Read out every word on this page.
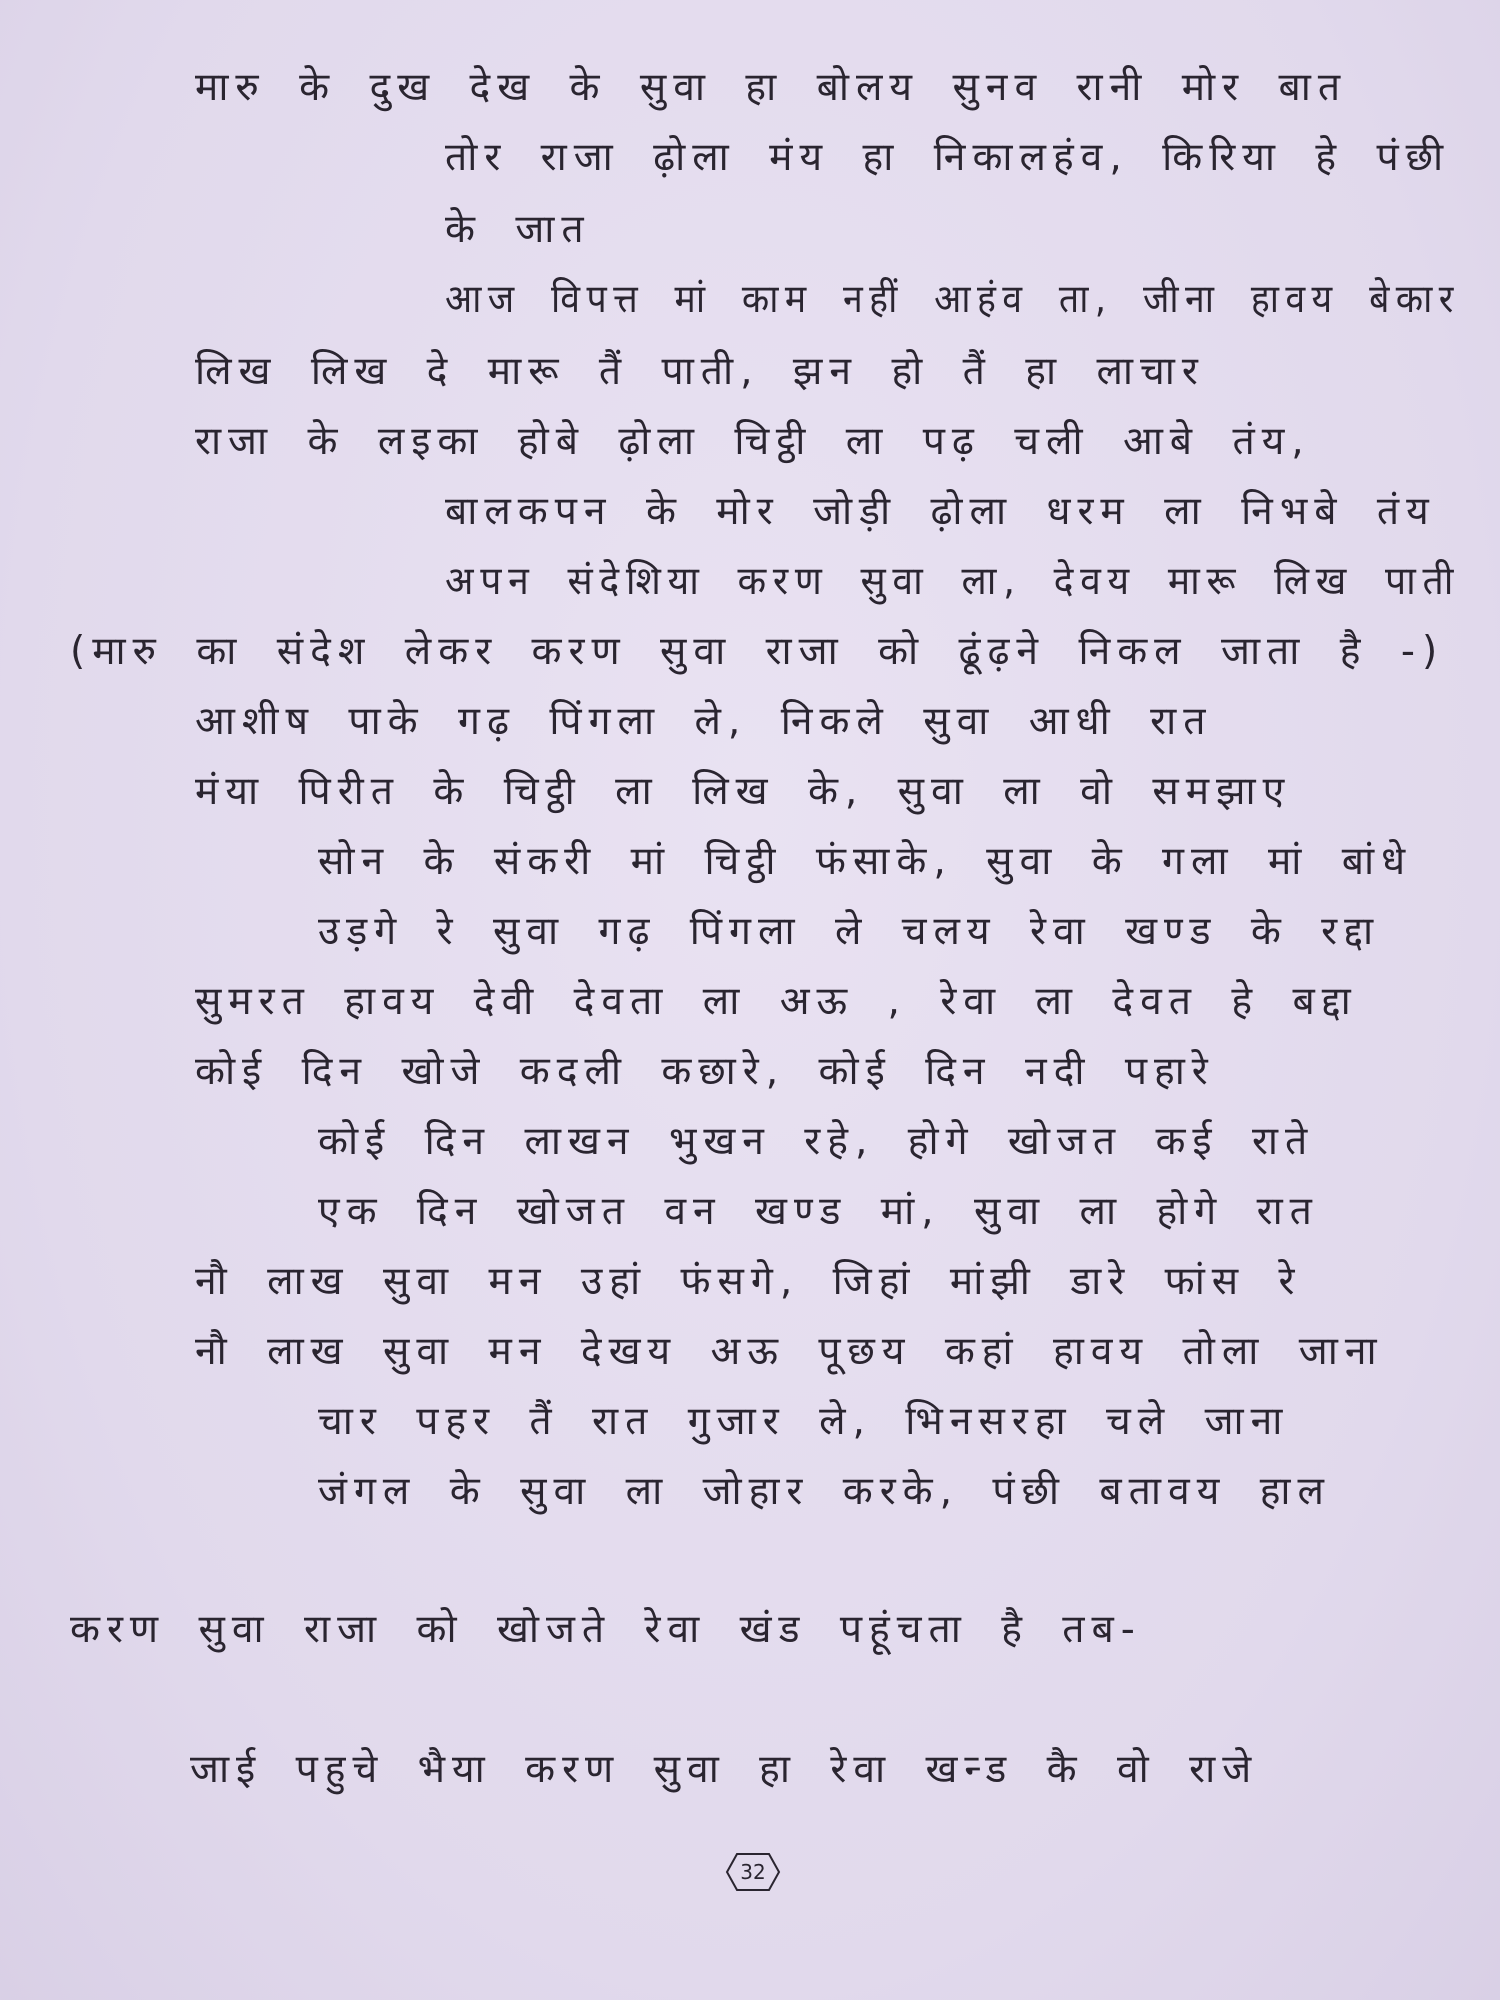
मारु के दुख देख के सुवा हा बोलय सुनव रानी मोर बात
तोर राजा ढ़ोला मंय हा निकालहंव, किरिया हे पंछी
के जात
आज विपत्त मां काम नहीं आहंव ता, जीना हावय बेकार
लिख लिख दे मारू तैं पाती, झन हो तैं हा लाचार
राजा के लइका होबे ढ़ोला चिट्ठी ला पढ़ चली आबे तंय,
बालकपन के मोर जोड़ी ढ़ोला धरम ला निभबे तंय
अपन संदेशिया करण सुवा ला, देवय मारू लिख पाती
(मारु का संदेश लेकर करण सुवा राजा को ढूंढ़ने निकल जाता है -)
आशीष पाके गढ़ पिंगला ले, निकले सुवा आधी रात
मंया पिरीत के चिट्ठी ला लिख के, सुवा ला वो समझाए
सोन के संकरी मां चिट्ठी फंसाके, सुवा के गला मां बांधे
उड़गे रे सुवा गढ़ पिंगला ले चलय रेवा खण्ड के रद्दा
सुमरत हावय देवी देवता ला अऊ , रेवा ला देवत हे बद्दा
कोई दिन खोजे कदली कछारे, कोई दिन नदी पहारे
कोई दिन लाखन भुखन रहे, होगे खोजत कई राते
एक दिन खोजत वन खण्ड मां, सुवा ला होगे रात
नौ लाख सुवा मन उहां फंसगे, जिहां मांझी डारे फांस रे
नौ लाख सुवा मन देखय अऊ पूछय कहां हावय तोला जाना
चार पहर तैं रात गुजार ले, भिनसरहा चले जाना
जंगल के सुवा ला जोहार करके, पंछी बतावय हाल
करण सुवा राजा को खोजते रेवा खंड पहूंचता है तब-
जाई पहुचे भैया करण सुवा हा रेवा खन्ड कै वो राजे
32
